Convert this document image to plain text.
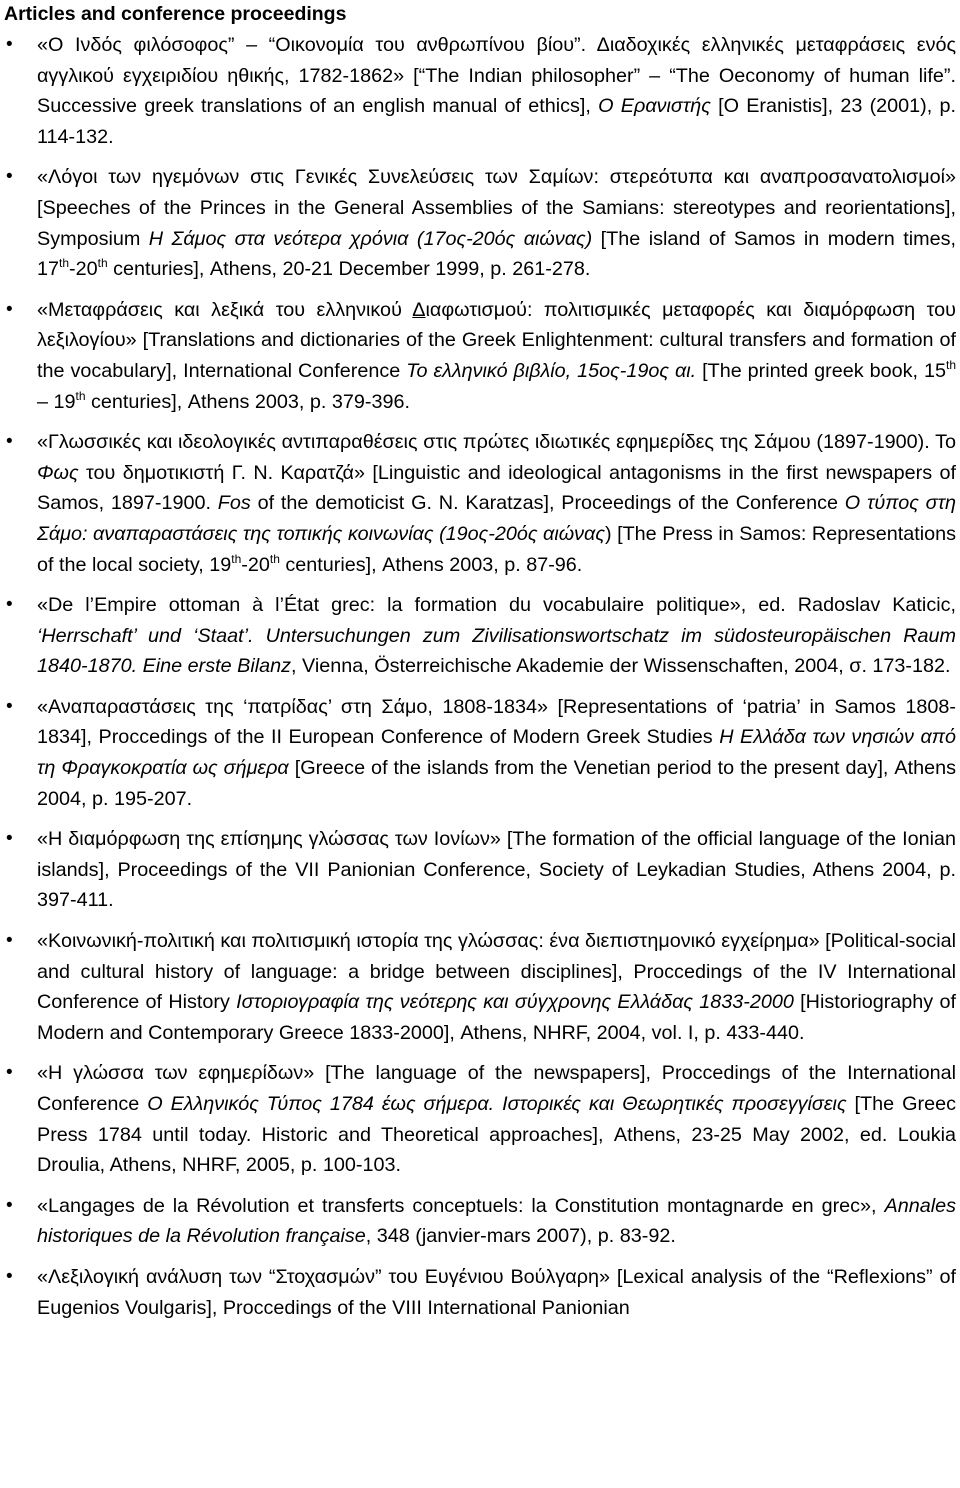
Articles and conference proceedings
• «Ο Ινδός φιλόσοφος” – “Οικονομία του ανθρωπίνου βίου”. Διαδοχικές ελληνικές μεταφράσεις ενός αγγλικού εγχειριδίου ηθικής, 1782-1862» [“The Indian philosopher” – “The Oeconomy of human life”. Successive greek translations of an english manual of ethics], Ο Ερανιστής [O Eranistis], 23 (2001), p. 114-132.
• «Λόγοι των ηγεμόνων στις Γενικές Συνελεύσεις των Σαμίων: στερεότυπα και αναπροσανατολισμοί» [Speeches of the Princes in the General Assemblies of the Samians: stereotypes and reorientations], Symposium Η Σάμος στα νεότερα χρόνια (17ος-20ός αιώνας) [The island of Samos in modern times, 17th-20th centuries], Athens, 20-21 December 1999, p. 261-278.
• «Μεταφράσεις και λεξικά του ελληνικού Διαφωτισμού: πολιτισμικές μεταφορές και διαμόρφωση του λεξιλογίου» [Translations and dictionaries of the Greek Enlightenment: cultural transfers and formation of the vocabulary], International Conference Το ελληνικό βιβλίο, 15ος-19ος αι. [The printed greek book, 15th – 19th centuries], Athens 2003, p. 379-396.
• «Γλωσσικές και ιδεολογικές αντιπαραθέσεις στις πρώτες ιδιωτικές εφημερίδες της Σάμου (1897-1900). Το Φως του δημοτικιστή Γ. Ν. Καρατζά» [Linguistic and ideological antagonisms in the first newspapers of Samos, 1897-1900. Fos of the demoticist G. N. Karatzas], Proceedings of the Conference Ο τύπος στη Σάμο: αναπαραστάσεις της τοπικής κοινωνίας (19ος-20ός αιώνας) [The Press in Samos: Representations of the local society, 19th-20th centuries], Athens 2003, p. 87-96.
• «De l’Empire ottoman à l’État grec: la formation du vocabulaire politique», ed. Radoslav Katicic, ‘Herrschaft’ und ‘Staat’. Untersuchungen zum Zivilisationswortschatz im südosteuropäischen Raum 1840-1870. Eine erste Bilanz, Vienna, Österreichische Akademie der Wissenschaften, 2004, σ. 173-182.
• «Αναπαραστάσεις της ‘πατρίδας’ στη Σάμο, 1808-1834» [Representations of ‘patria’ in Samos 1808-1834], Proccedings of the II European Conference of Modern Greek Studies Η Ελλάδα των νησιών από τη Φραγκοκρατία ως σήμερα [Greece of the islands from the Venetian period to the present day], Athens 2004, p. 195-207.
• «Η διαμόρφωση της επίσημης γλώσσας των Ιονίων» [The formation of the official language of the Ionian islands], Proceedings of the VII Panionian Conference, Society of Leykadian Studies, Athens 2004, p. 397-411.
• «Κοινωνική-πολιτική και πολιτισμική ιστορία της γλώσσας: ένα διεπιστημονικό εγχείρημα» [Political-social and cultural history of language: a bridge between disciplines], Proccedings of the IV International Conference of History Ιστοριογραφία της νεότερης και σύγχρονης Ελλάδας 1833-2000 [Historiography of Modern and Contemporary Greece 1833-2000], Athens, NHRF, 2004, vol. I, p. 433-440.
• «Η γλώσσα των εφημερίδων» [The language of the newspapers], Proccedings of the International Conference Ο Ελληνικός Τύπος 1784 έως σήμερα. Ιστορικές και Θεωρητικές προσεγγίσεις [The Greec Press 1784 until today. Historic and Theoretical approaches], Athens, 23-25 May 2002, ed. Loukia Droulia, Athens, NHRF, 2005, p. 100-103.
• «Langages de la Révolution et transferts conceptuels: la Constitution montagnarde en grec», Annales historiques de la Révolution française, 348 (janvier-mars 2007), p. 83-92.
• «Λεξιλογική ανάλυση των “Στοχασμών” του Ευγένιου Βούλγαρη» [Lexical analysis of the “Reflexions” of Eugenios Voulgaris], Proccedings of the VIII International Panionian
